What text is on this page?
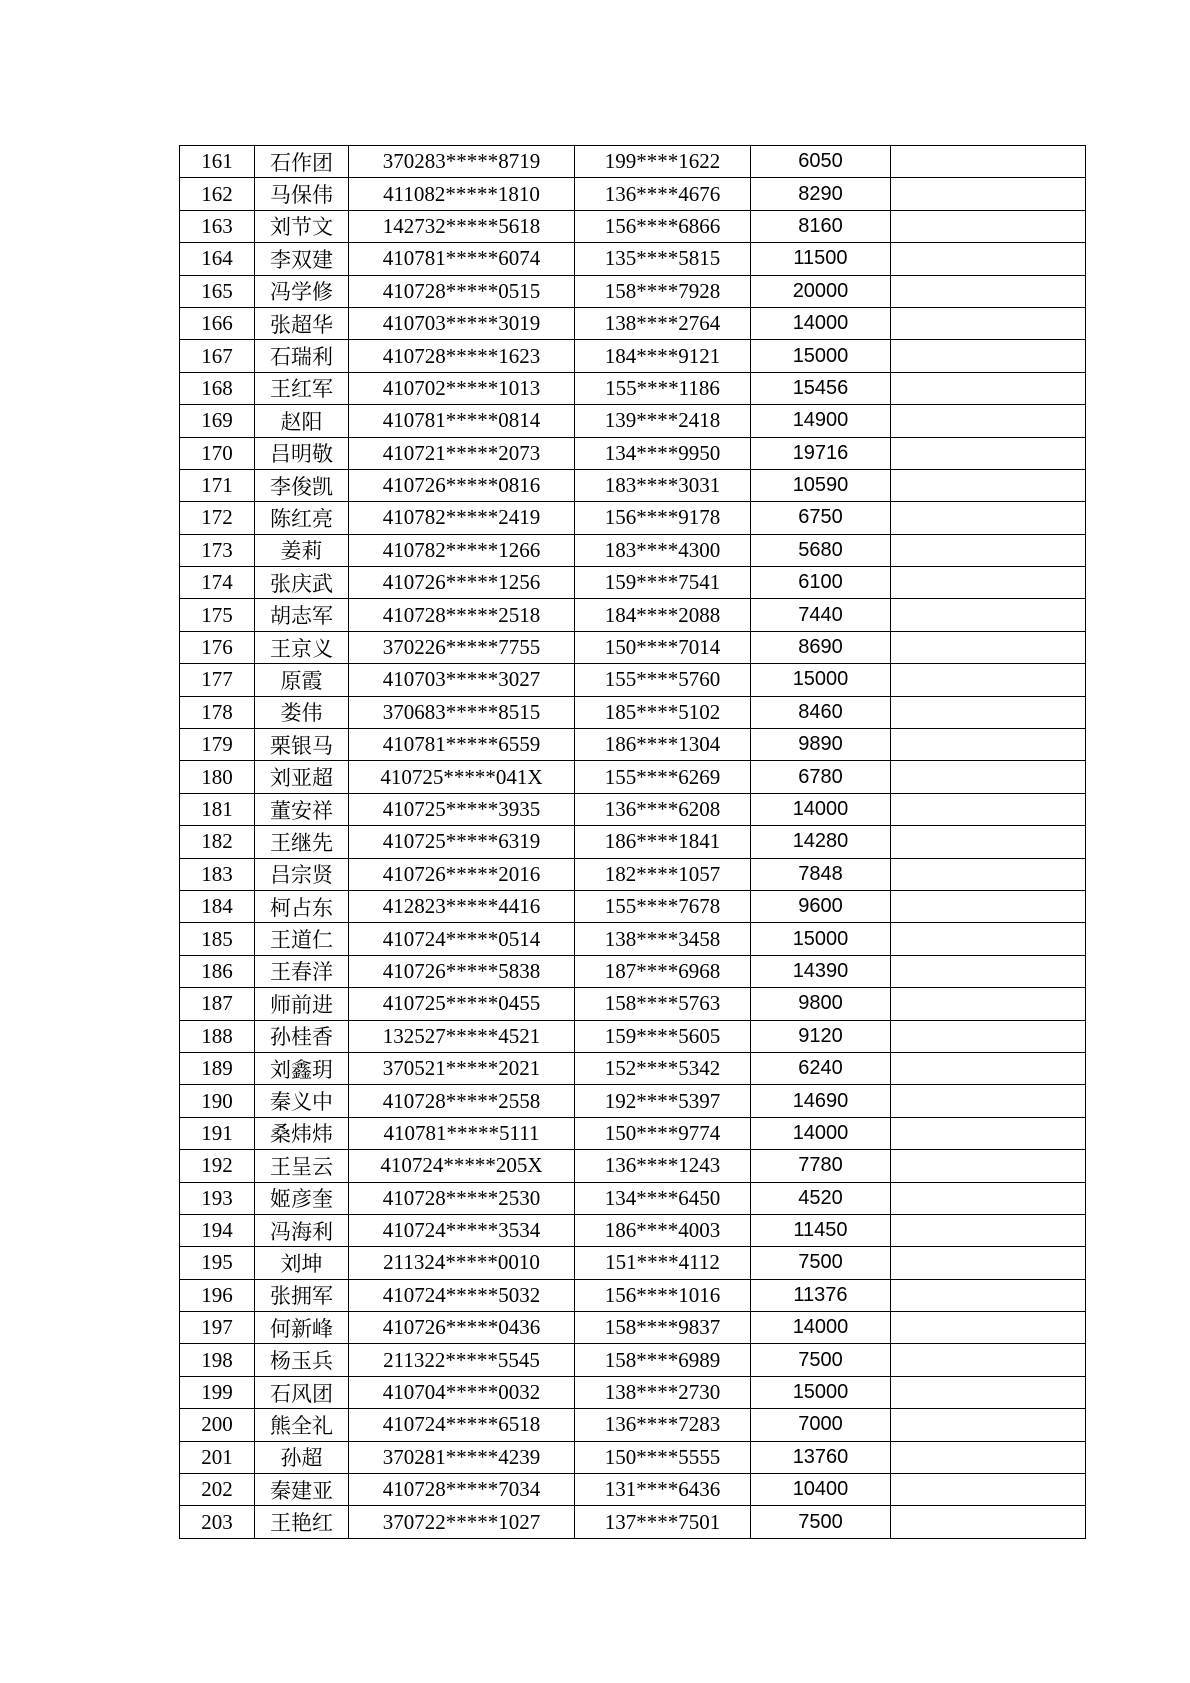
161	石作团	370283*****8719	199****1622	6050	
162	马保伟	411082*****1810	136****4676	8290	
163	刘节文	142732*****5618	156****6866	8160	
164	李双建	410781*****6074	135****5815	11500	
165	冯学修	410728*****0515	158****7928	20000	
166	张超华	410703*****3019	138****2764	14000	
167	石瑞利	410728*****1623	184****9121	15000	
168	王红军	410702*****1013	155****1186	15456	
169	赵阳	410781*****0814	139****2418	14900	
170	吕明敬	410721*****2073	134****9950	19716	
171	李俊凯	410726*****0816	183****3031	10590	
172	陈红亮	410782*****2419	156****9178	6750	
173	姜莉	410782*****1266	183****4300	5680	
174	张庆武	410726*****1256	159****7541	6100	
175	胡志军	410728*****2518	184****2088	7440	
176	王京义	370226*****7755	150****7014	8690	
177	原霞	410703*****3027	155****5760	15000	
178	娄伟	370683*****8515	185****5102	8460	
179	栗银马	410781*****6559	186****1304	9890	
180	刘亚超	410725*****041X	155****6269	6780	
181	董安祥	410725*****3935	136****6208	14000	
182	王继先	410725*****6319	186****1841	14280	
183	吕宗贤	410726*****2016	182****1057	7848	
184	柯占东	412823*****4416	155****7678	9600	
185	王道仁	410724*****0514	138****3458	15000	
186	王春洋	410726*****5838	187****6968	14390	
187	师前进	410725*****0455	158****5763	9800	
188	孙桂香	132527*****4521	159****5605	9120	
189	刘鑫玥	370521*****2021	152****5342	6240	
190	秦义中	410728*****2558	192****5397	14690	
191	桑炜炜	410781*****5111	150****9774	14000	
192	王呈云	410724*****205X	136****1243	7780	
193	姬彦奎	410728*****2530	134****6450	4520	
194	冯海利	410724*****3534	186****4003	11450	
195	刘坤	211324*****0010	151****4112	7500	
196	张拥军	410724*****5032	156****1016	11376	
197	何新峰	410726*****0436	158****9837	14000	
198	杨玉兵	211322*****5545	158****6989	7500	
199	石风团	410704*****0032	138****2730	15000	
200	熊全礼	410724*****6518	136****7283	7000	
201	孙超	370281*****4239	150****5555	13760	
202	秦建亚	410728*****7034	131****6436	10400	
203	王艳红	370722*****1027	137****7501	7500	
